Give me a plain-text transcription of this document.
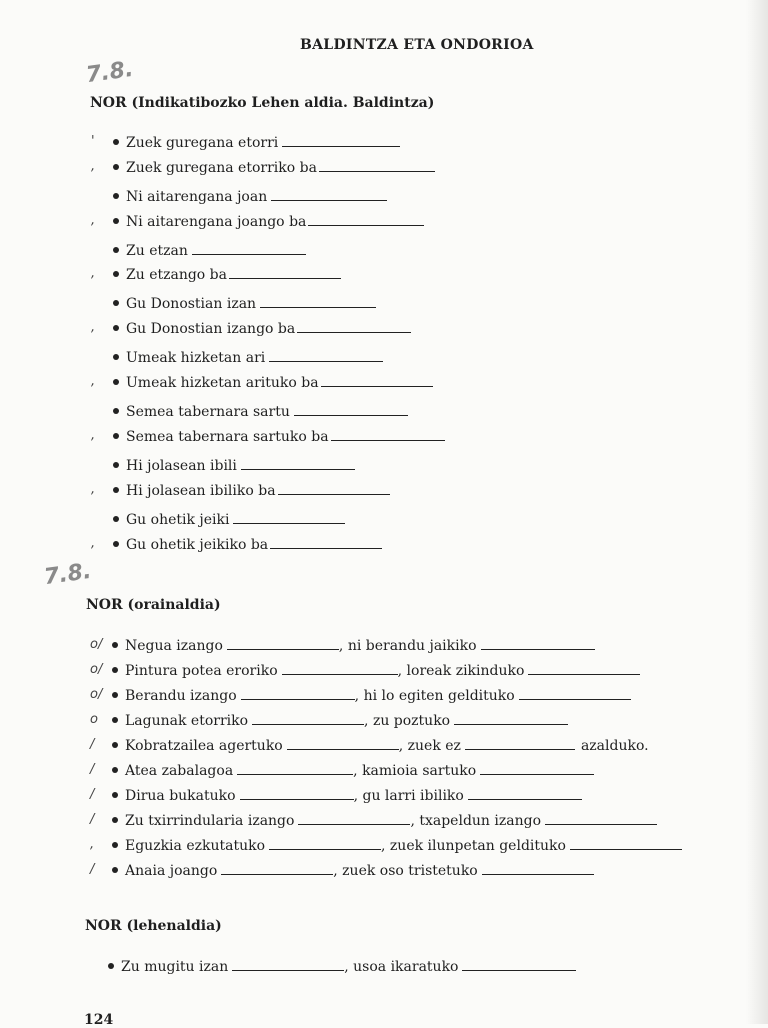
BALDINTZA ETA ONDORIOA
7.8.
7.8.
NOR (Indikatibozko Lehen aldia. Baldintza)
' Zuek guregana etorri
, Zuek guregana etorriko ba
Ni aitarengana joan
, Ni aitarengana joango ba
Zu etzan
, Zu etzango ba
Gu Donostian izan
, Gu Donostian izango ba
Umeak hizketan ari
, Umeak hizketan arituko ba
Semea tabernara sartu
, Semea tabernara sartuko ba
Hi jolasean ibili
, Hi jolasean ibiliko ba
Gu ohetik jeiki
, Gu ohetik jeikiko ba
NOR (orainaldia)
o/ Negua izango	, ni berandu jaikiko
o/ Pintura potea eroriko	, loreak zikinduko
o/ Berandu izango	, hi lo egiten geldituko
o Lagunak etorriko	, zu poztuko
/ Kobratzailea agertuko	, zuek ez	azalduko.
/ Atea zabalagoa	, kamioia sartuko
/ Dirua bukatuko	, gu larri ibiliko
/ Zu txirrindularia izango	, txapeldun izango
, Eguzkia ezkutatuko	, zuek ilunpetan geldituko
/ Anaia joango	, zuek oso tristetuko
NOR (lehenaldia)
Zu mugitu izan	, usoa ikaratuko
124
